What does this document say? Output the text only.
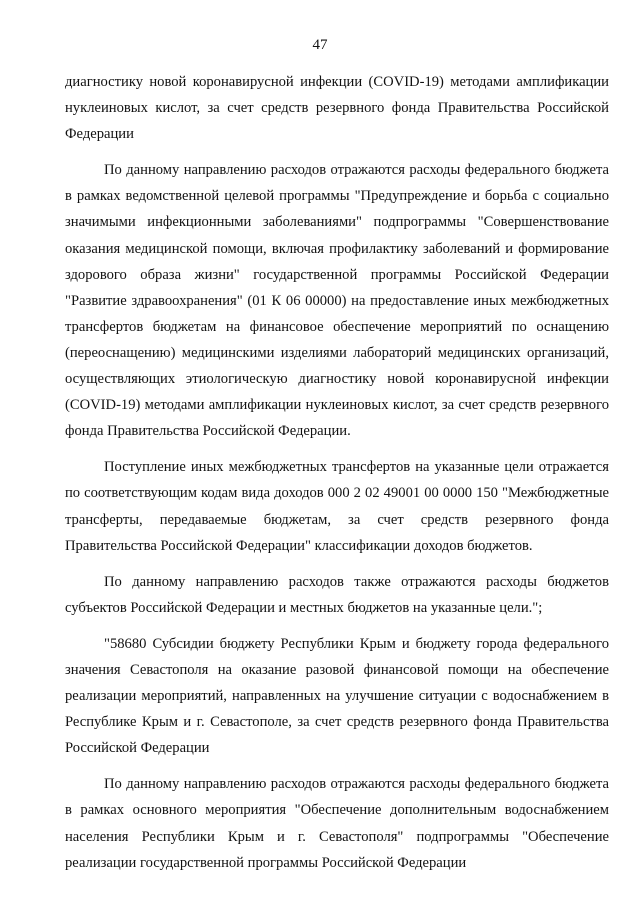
47

диагностику новой коронавирусной инфекции (COVID-19) методами амплификации нуклеиновых кислот, за счет средств резервного фонда Правительства Российской Федерации

По данному направлению расходов отражаются расходы федерального бюджета в рамках ведомственной целевой программы "Предупреждение и борьба с социально значимыми инфекционными заболеваниями" подпрограммы "Совершенствование оказания медицинской помощи, включая профилактику заболеваний и формирование здорового образа жизни" государственной программы Российской Федерации "Развитие здравоохранения" (01 К 06 00000) на предоставление иных межбюджетных трансфертов бюджетам на финансовое обеспечение мероприятий по оснащению (переоснащению) медицинскими изделиями лабораторий медицинских организаций, осуществляющих этиологическую диагностику новой коронавирусной инфекции (COVID-19) методами амплификации нуклеиновых кислот, за счет средств резервного фонда Правительства Российской Федерации.

Поступление иных межбюджетных трансфертов на указанные цели отражается по соответствующим кодам вида доходов 000 2 02 49001 00 0000 150 "Межбюджетные трансферты, передаваемые бюджетам, за счет средств резервного фонда Правительства Российской Федерации" классификации доходов бюджетов.

По данному направлению расходов также отражаются расходы бюджетов субъектов Российской Федерации и местных бюджетов на указанные цели.";

"58680 Субсидии бюджету Республики Крым и бюджету города федерального значения Севастополя на оказание разовой финансовой помощи на обеспечение реализации мероприятий, направленных на улучшение ситуации с водоснабжением в Республике Крым и г. Севастополе, за счет средств резервного фонда Правительства Российской Федерации

По данному направлению расходов отражаются расходы федерального бюджета в рамках основного мероприятия "Обеспечение дополнительным водоснабжением населения Республики Крым и г. Севастополя" подпрограммы "Обеспечение реализации государственной программы Российской Федерации
